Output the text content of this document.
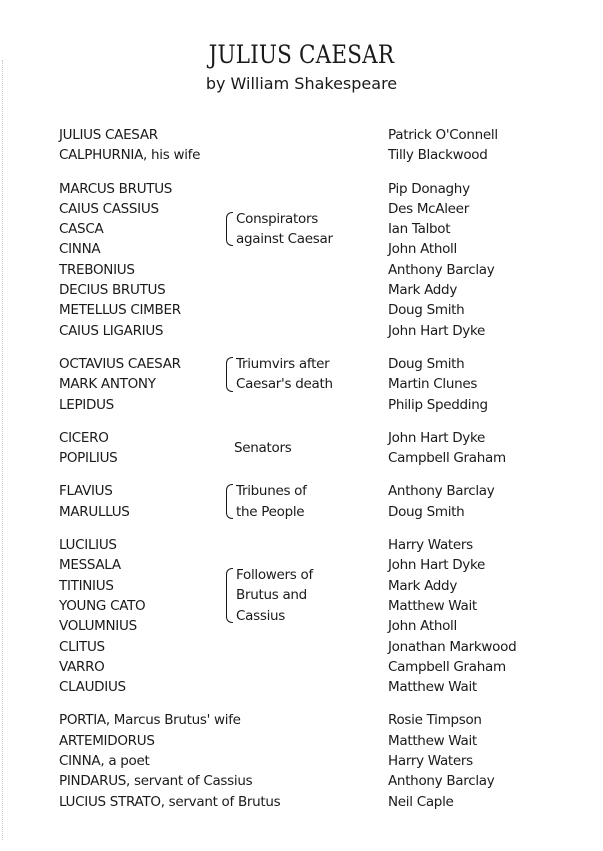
JULIUS CAESAR
by William Shakespeare
JULIUS CAESAR	Patrick O'Connell
CALPHURNIA, his wife	Tilly Blackwood
Conspirators
against Caesar
MARCUS BRUTUS	Pip Donaghy
CAIUS CASSIUS	Des McAleer
CASCA	Ian Talbot
CINNA	John Atholl
TREBONIUS	Anthony Barclay
DECIUS BRUTUS	Mark Addy
METELLUS CIMBER	Doug Smith
CAIUS LIGARIUS	John Hart Dyke
Triumvirs after
Caesar's death
OCTAVIUS CAESAR	Doug Smith
MARK ANTONY	Martin Clunes
LEPIDUS	Philip Spedding
Senators
CICERO	John Hart Dyke
POPILIUS	Campbell Graham
Tribunes of
the People
FLAVIUS	Anthony Barclay
MARULLUS	Doug Smith
Followers of
Brutus and
Cassius
LUCILIUS	Harry Waters
MESSALA	John Hart Dyke
TITINIUS	Mark Addy
YOUNG CATO	Matthew Wait
VOLUMNIUS	John Atholl
CLITUS	Jonathan Markwood
VARRO	Campbell Graham
CLAUDIUS	Matthew Wait
PORTIA, Marcus Brutus' wife	Rosie Timpson
ARTEMIDORUS	Matthew Wait
CINNA, a poet	Harry Waters
PINDARUS, servant of Cassius	Anthony Barclay
LUCIUS STRATO, servant of Brutus	Neil Caple
